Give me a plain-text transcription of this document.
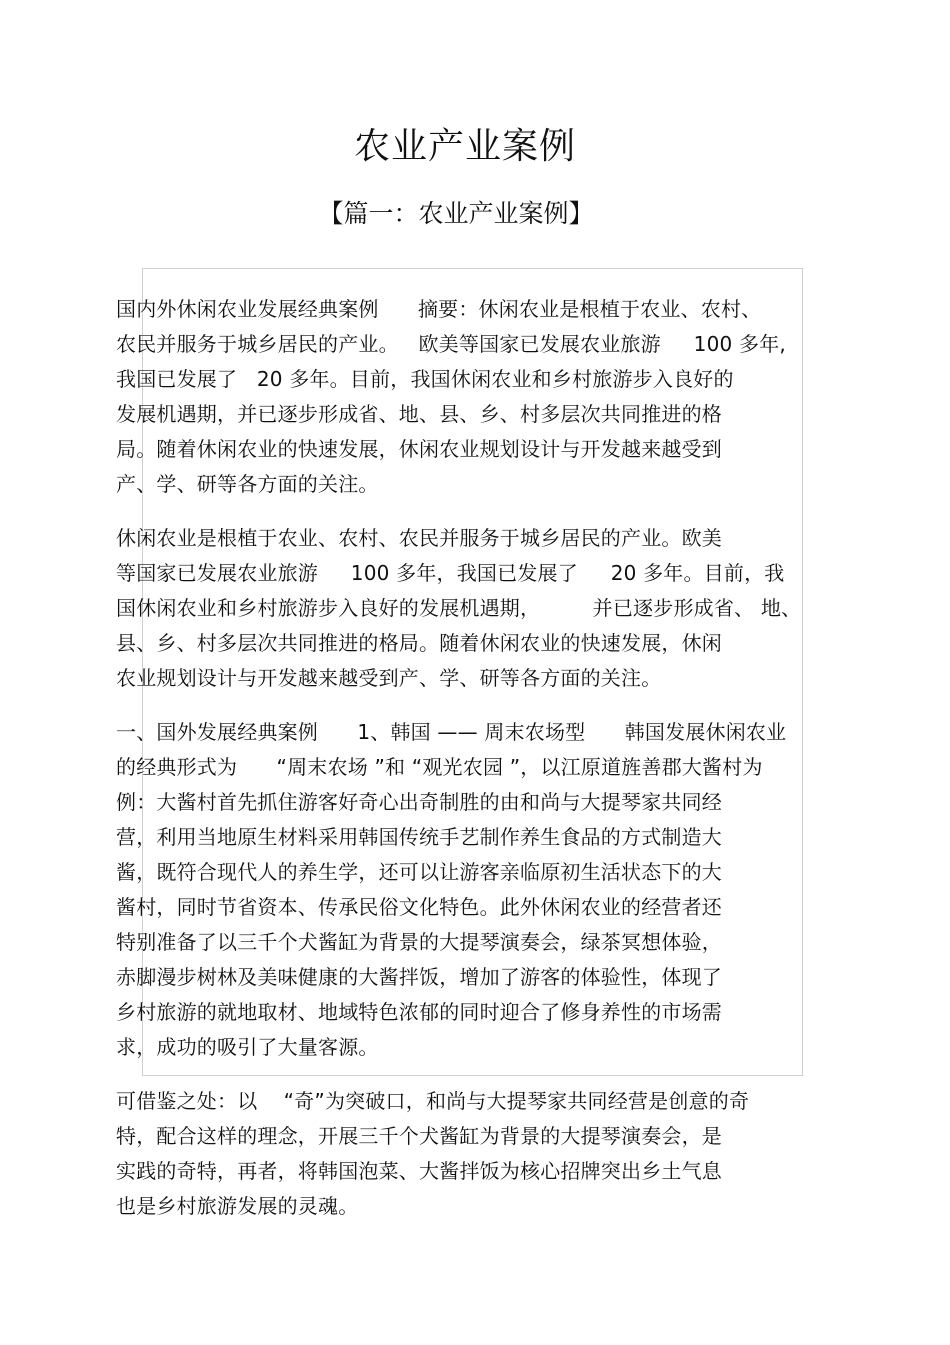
农业产业案例
【篇一：农业产业案例】
国内外休闲农业发展经典案例      摘要：休闲农业是根植于农业、农村、
农民并服务于城乡居民的产业。   欧美等国家已发展农业旅游     100 多年,
我国已发展了   20 多年。目前，我国休闲农业和乡村旅游步入良好的
发展机遇期，并已逐步形成省、地、县、乡、村多层次共同推进的格
局。随着休闲农业的快速发展，休闲农业规划设计与开发越来越受到
产、学、研等各方面的关注。
休闲农业是根植于农业、农村、农民并服务于城乡居民的产业。欧美
等国家已发展农业旅游     100 多年，我国已发展了     20 多年。目前，我
国休闲农业和乡村旅游步入良好的发展机遇期，        并已逐步形成省、 地、
县、乡、村多层次共同推进的格局。随着休闲农业的快速发展，休闲
农业规划设计与开发越来越受到产、学、研等各方面的关注。
一、国外发展经典案例      1、韩国 —— 周末农场型      韩国发展休闲农业
的经典形式为      “周末农场 ”和 “观光农园 ”，以江原道旌善郡大酱村为
例：大酱村首先抓住游客好奇心出奇制胜的由和尚与大提琴家共同经
营，利用当地原生材料采用韩国传统手艺制作养生食品的方式制造大
酱，既符合现代人的养生学，还可以让游客亲临原初生活状态下的大
酱村，同时节省资本、传承民俗文化特色。此外休闲农业的经营者还
特别准备了以三千个犬酱缸为背景的大提琴演奏会，绿茶冥想体验，
赤脚漫步树林及美味健康的大酱拌饭，增加了游客的体验性，体现了
乡村旅游的就地取材、地域特色浓郁的同时迎合了修身养性的市场需
求，成功的吸引了大量客源。
可借鉴之处：以    “奇”为突破口，和尚与大提琴家共同经营是创意的奇
特，配合这样的理念，开展三千个犬酱缸为背景的大提琴演奏会，是
实践的奇特，再者，将韩国泡菜、大酱拌饭为核心招牌突出乡土气息
也是乡村旅游发展的灵魂。
